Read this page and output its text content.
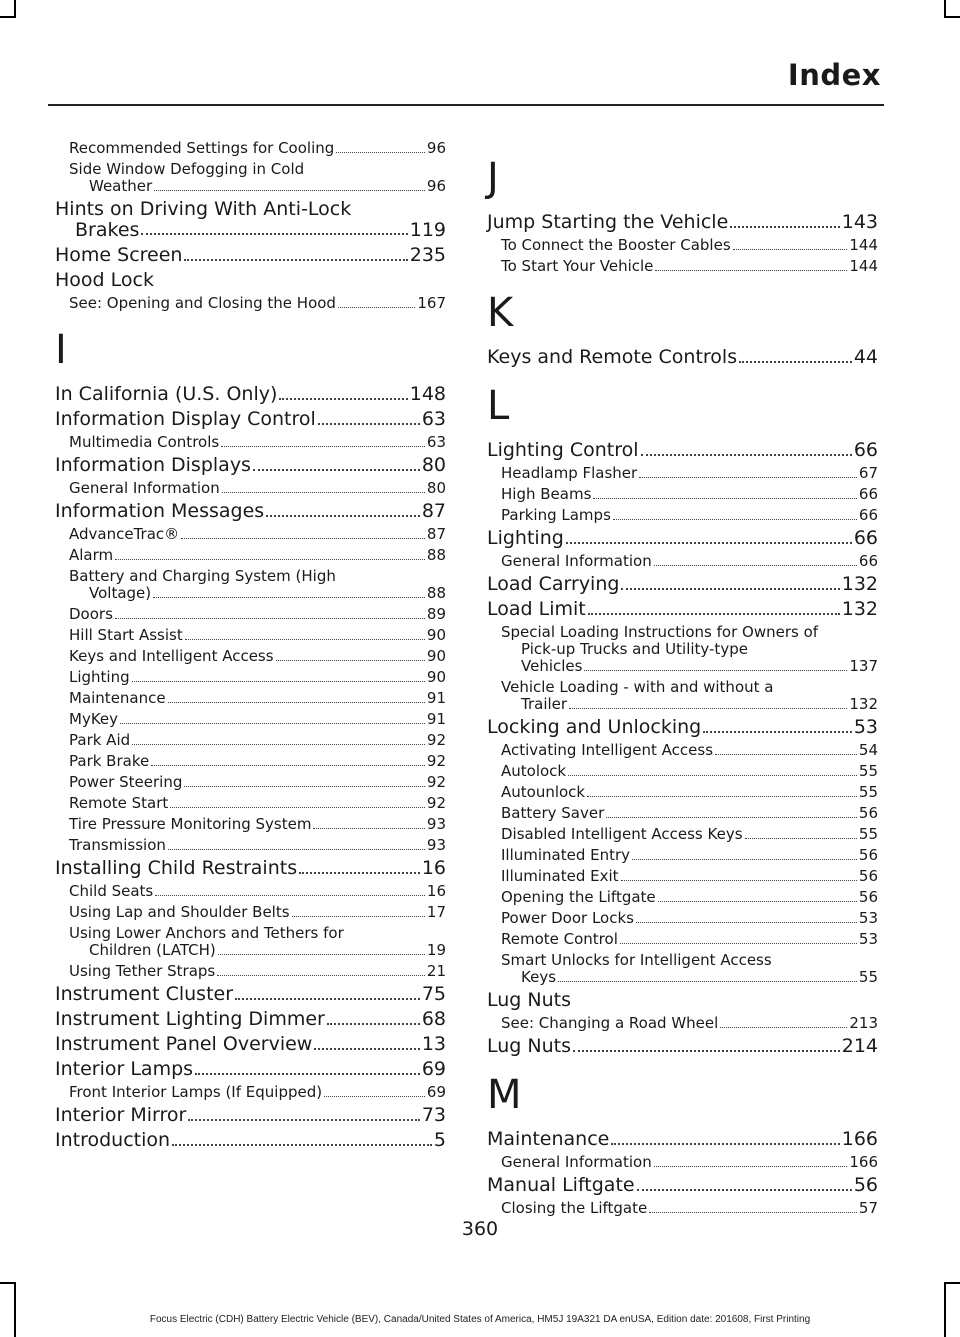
Index
Recommended Settings for Cooling	96
Side Window Defogging in Cold
Weather	96
Hints on Driving With Anti-Lock
Brakes	119
Home Screen	235
Hood Lock
See: Opening and Closing the Hood	167
I
In California (U.S. Only)	148
Information Display Control	63
Multimedia Controls	63
Information Displays	80
General Information	80
Information Messages	87
AdvanceTrac®	87
Alarm	88
Battery and Charging System (High
Voltage)	88
Doors	89
Hill Start Assist	90
Keys and Intelligent Access	90
Lighting	90
Maintenance	91
MyKey	91
Park Aid	92
Park Brake	92
Power Steering	92
Remote Start	92
Tire Pressure Monitoring System	93
Transmission	93
Installing Child Restraints	16
Child Seats	16
Using Lap and Shoulder Belts	17
Using Lower Anchors and Tethers for
Children (LATCH)	19
Using Tether Straps	21
Instrument Cluster	75
Instrument Lighting Dimmer	68
Instrument Panel Overview	13
Interior Lamps	69
Front Interior Lamps (If Equipped)	69
Interior Mirror	73
Introduction	5
J
Jump Starting the Vehicle	143
To Connect the Booster Cables	144
To Start Your Vehicle	144
K
Keys and Remote Controls	44
L
Lighting Control	66
Headlamp Flasher	67
High Beams	66
Parking Lamps	66
Lighting	66
General Information	66
Load Carrying	132
Load Limit	132
Special Loading Instructions for Owners of
Pick-up Trucks and Utility-type
Vehicles	137
Vehicle Loading - with and without a
Trailer	132
Locking and Unlocking	53
Activating Intelligent Access	54
Autolock	55
Autounlock	55
Battery Saver	56
Disabled Intelligent Access Keys	55
Illuminated Entry	56
Illuminated Exit	56
Opening the Liftgate	56
Power Door Locks	53
Remote Control	53
Smart Unlocks for Intelligent Access
Keys	55
Lug Nuts
See: Changing a Road Wheel	213
Lug Nuts	214
M
Maintenance	166
General Information	166
Manual Liftgate	56
Closing the Liftgate	57
360
Focus Electric (CDH) Battery Electric Vehicle (BEV), Canada/United States of America, HM5J 19A321 DA enUSA, Edition date: 201608, First Printing
